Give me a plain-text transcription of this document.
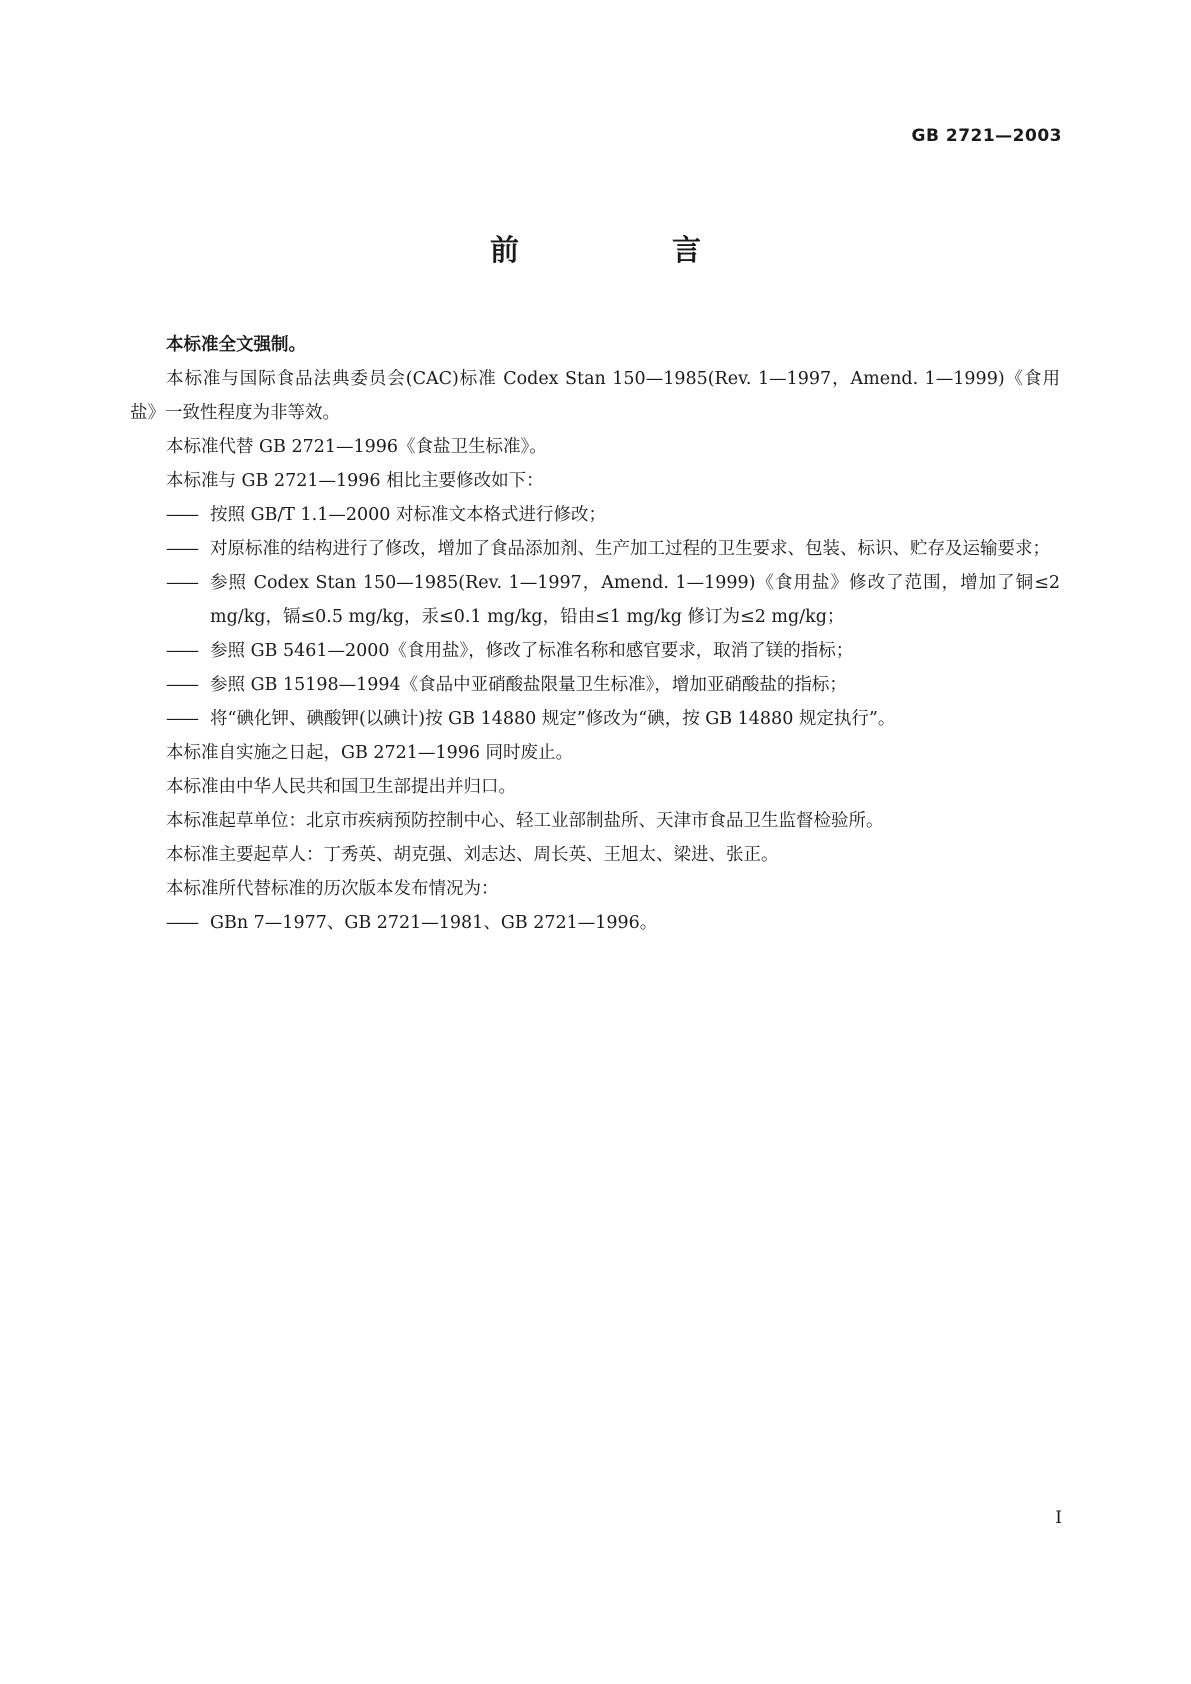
GB 2721—2003
前　言

本标准全文强制。

本标准与国际食品法典委员会(CAC)标准 Codex Stan 150—1985(Rev. 1—1997，Amend. 1—1999)《食用盐》一致性程度为非等效。

本标准代替 GB 2721—1996《食盐卫生标准》。

本标准与 GB 2721—1996 相比主要修改如下：

—— 按照 GB/T 1.1—2000 对标准文本格式进行修改；

—— 对原标准的结构进行了修改，增加了食品添加剂、生产加工过程的卫生要求、包装、标识、贮存及运输要求；

—— 参照 Codex Stan 150—1985(Rev. 1—1997，Amend. 1—1999)《食用盐》修改了范围，增加了铜≤2 mg/kg，镉≤0.5 mg/kg，汞≤0.1 mg/kg，铅由≤1 mg/kg 修订为≤2 mg/kg；

—— 参照 GB 5461—2000《食用盐》，修改了标准名称和感官要求，取消了镁的指标；

—— 参照 GB 15198—1994《食品中亚硝酸盐限量卫生标准》，增加亚硝酸盐的指标；

—— 将“碘化钾、碘酸钾(以碘计)按 GB 14880 规定”修改为“碘，按 GB 14880 规定执行”。

本标准自实施之日起，GB 2721—1996 同时废止。

本标准由中华人民共和国卫生部提出并归口。

本标准起草单位：北京市疾病预防控制中心、轻工业部制盐所、天津市食品卫生监督检验所。

本标准主要起草人：丁秀英、胡克强、刘志达、周长英、王旭太、梁进、张正。

本标准所代替标准的历次版本发布情况为：

—— GBn 7—1977、GB 2721—1981、GB 2721—1996。

I
